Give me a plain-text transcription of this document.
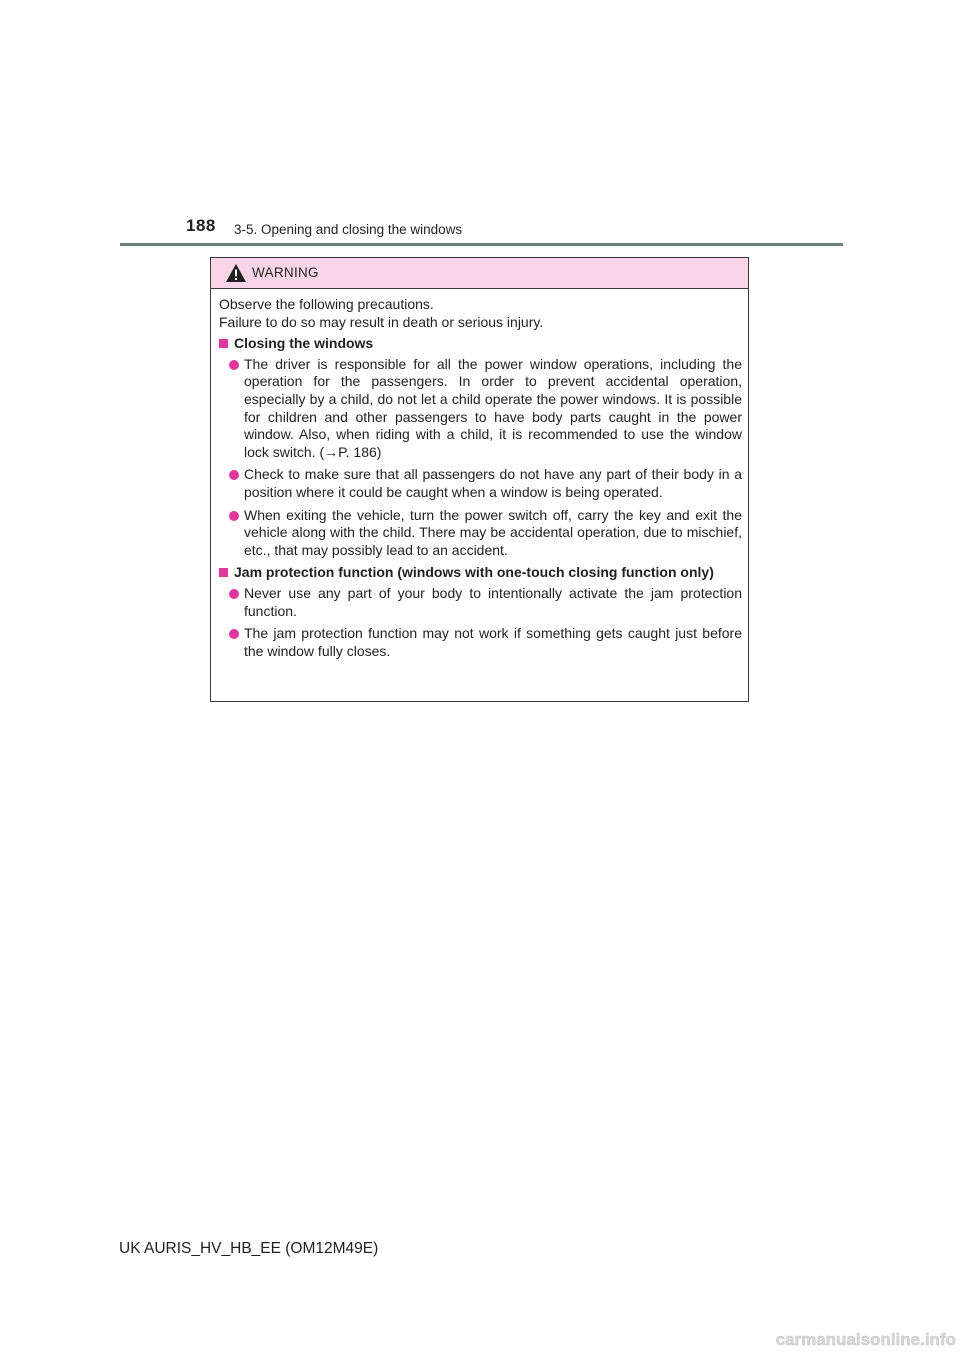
188 3-5. Opening and closing the windows
WARNING
Observe the following precautions.
Failure to do so may result in death or serious injury.
Closing the windows
The driver is responsible for all the power window operations, including the operation for the passengers. In order to prevent accidental operation, especially by a child, do not let a child operate the power windows. It is possible for children and other passengers to have body parts caught in the power window. Also, when riding with a child, it is recommended to use the window lock switch. (→P. 186)
Check to make sure that all passengers do not have any part of their body in a position where it could be caught when a window is being operated.
When exiting the vehicle, turn the power switch off, carry the key and exit the vehicle along with the child. There may be accidental operation, due to mischief, etc., that may possibly lead to an accident.
Jam protection function (windows with one-touch closing function only)
Never use any part of your body to intentionally activate the jam protection function.
The jam protection function may not work if something gets caught just before the window fully closes.
UK AURIS_HV_HB_EE (OM12M49E)
carmanualsonline.info
